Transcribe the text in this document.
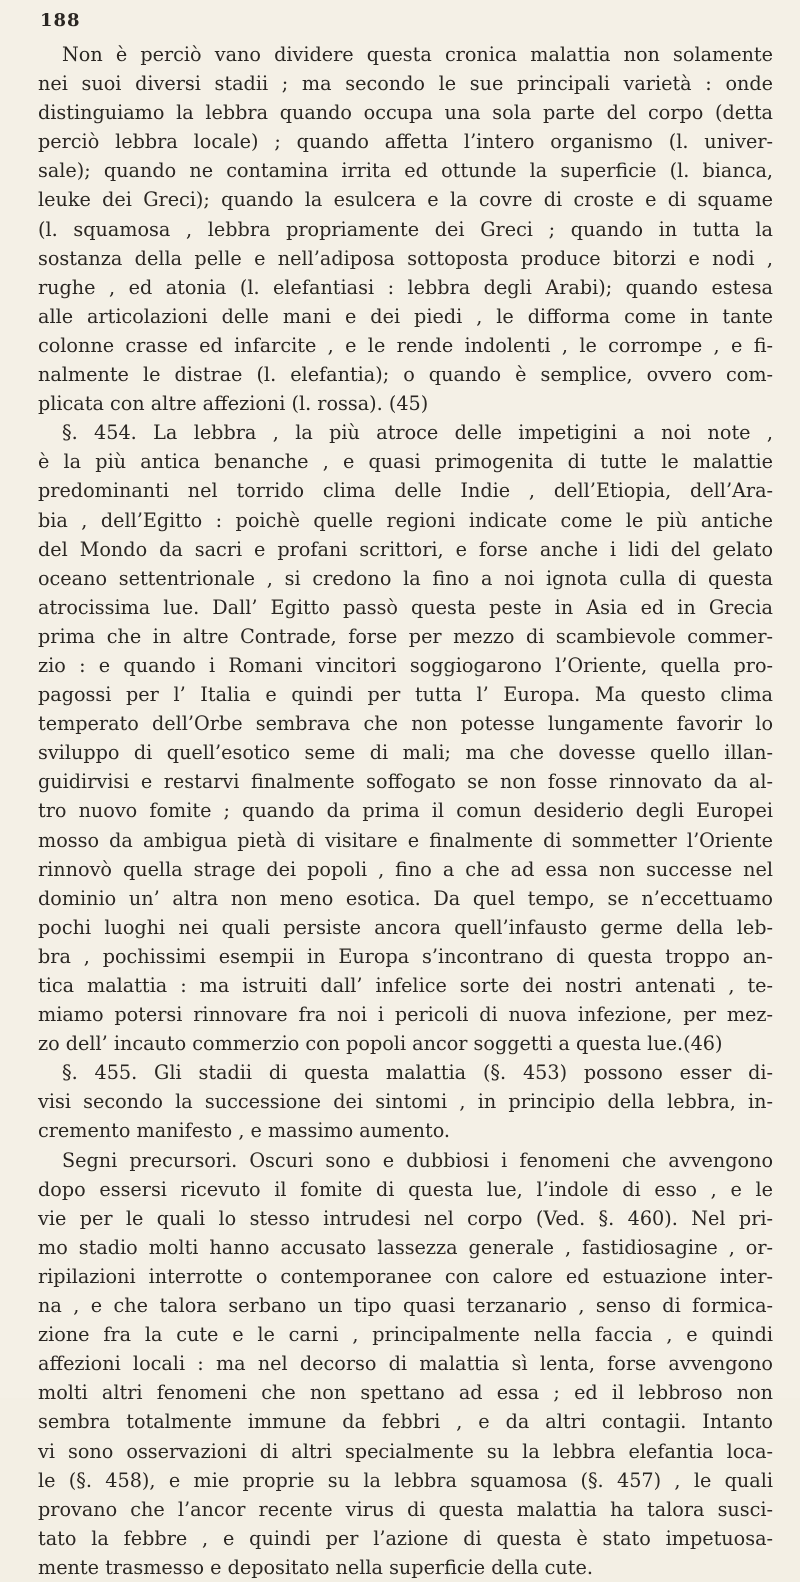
188
Non è perciò vano dividere questa cronica malattia non solamente
nei suoi diversi stadii ; ma secondo le sue principali varietà : onde
distinguiamo la lebbra quando occupa una sola parte del corpo (detta
perciò lebbra locale) ; quando affetta l’intero organismo (l. univer-
sale); quando ne contamina irrita ed ottunde la superficie (l. bianca,
leuke dei Greci); quando la esulcera e la covre di croste e di squame
(l. squamosa , lebbra propriamente dei Greci ; quando in tutta la
sostanza della pelle e nell’adiposa sottoposta produce bitorzi e nodi ,
rughe , ed atonia (l. elefantiasi : lebbra degli Arabi); quando estesa
alle articolazioni delle mani e dei piedi , le difforma come in tante
colonne crasse ed infarcite , e le rende indolenti , le corrompe , e fi-
nalmente le distrae (l. elefantia); o quando è semplice, ovvero com-
plicata con altre affezioni (l. rossa). (45)
§. 454. La lebbra , la più atroce delle impetigini a noi note ,
è la più antica benanche , e quasi primogenita di tutte le malattie
predominanti nel torrido clima delle Indie , dell’Etiopia, dell’Ara-
bia , dell’Egitto : poichè quelle regioni indicate come le più antiche
del Mondo da sacri e profani scrittori, e forse anche i lidi del gelato
oceano settentrionale , si credono la fino a noi ignota culla di questa
atrocissima lue. Dall’ Egitto passò questa peste in Asia ed in Grecia
prima che in altre Contrade, forse per mezzo di scambievole commer-
zio : e quando i Romani vincitori soggiogarono l’Oriente, quella pro-
pagossi per l’ Italia e quindi per tutta l’ Europa. Ma questo clima
temperato dell’Orbe sembrava che non potesse lungamente favorir lo
sviluppo di quell’esotico seme di mali; ma che dovesse quello illan-
guidirvisi e restarvi finalmente soffogato se non fosse rinnovato da al-
tro nuovo fomite ; quando da prima il comun desiderio degli Europei
mosso da ambigua pietà di visitare e finalmente di sommetter l’Oriente
rinnovò quella strage dei popoli , fino a che ad essa non successe nel
dominio un’ altra non meno esotica. Da quel tempo, se n’eccettuamo
pochi luoghi nei quali persiste ancora quell’infausto germe della leb-
bra , pochissimi esempii in Europa s’incontrano di questa troppo an-
tica malattia : ma istruiti dall’ infelice sorte dei nostri antenati , te-
miamo potersi rinnovare fra noi i pericoli di nuova infezione, per mez-
zo dell’ incauto commerzio con popoli ancor soggetti a questa lue.(46)
§. 455. Gli stadii di questa malattia (§. 453) possono esser di-
visi secondo la successione dei sintomi , in principio della lebbra, in-
cremento manifesto , e massimo aumento.
Segni precursori. Oscuri sono e dubbiosi i fenomeni che avvengono
dopo essersi ricevuto il fomite di questa lue, l’indole di esso , e le
vie per le quali lo stesso intrudesi nel corpo (Ved. §. 460). Nel pri-
mo stadio molti hanno accusato lassezza generale , fastidiosagine , or-
ripilazioni interrotte o contemporanee con calore ed estuazione inter-
na , e che talora serbano un tipo quasi terzanario , senso di formica-
zione fra la cute e le carni , principalmente nella faccia , e quindi
affezioni locali : ma nel decorso di malattia sì lenta, forse avvengono
molti altri fenomeni che non spettano ad essa ; ed il lebbroso non
sembra totalmente immune da febbri , e da altri contagii. Intanto
vi sono osservazioni di altri specialmente su la lebbra elefantia loca-
le (§. 458), e mie proprie su la lebbra squamosa (§. 457) , le quali
provano che l’ancor recente virus di questa malattia ha talora susci-
tato la febbre , e quindi per l’azione di questa è stato impetuosa-
mente trasmesso e depositato nella superficie della cute.
